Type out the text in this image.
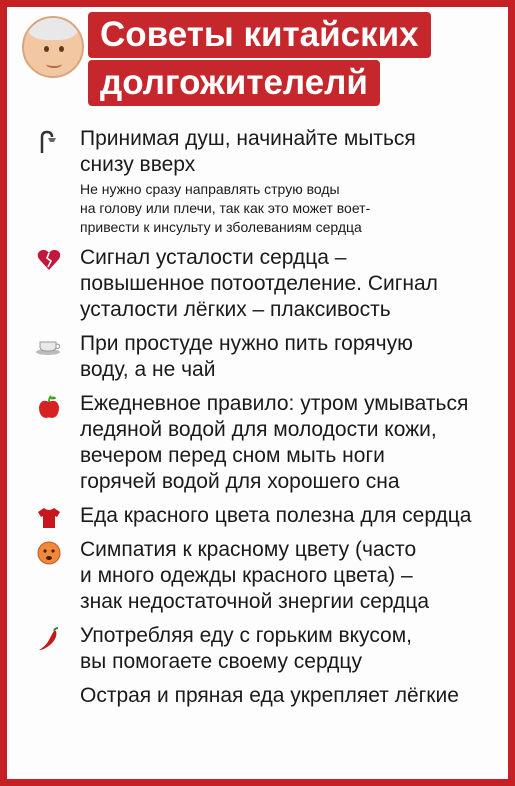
Советы китайских
долгожителелй
Принимая душ, начинайте мыться
снизу вверх
Не нужно сразу направлять струю воды
на голову или плечи, так как это может воет-
привести к инсульту и зболеваниям сердца
Сигнал усталости сердца –
повышенное потоотделение. Сигнал
усталости лёгких – плаксивость
При простуде нужно пить горячую
воду, а не чай
Ежедневное правило: утром умываться
ледяной водой для молодости кожи,
вечером перед сном мыть ноги
горячей водой для хорошего сна
Еда красного цвета полезна для сердца
Симпатия к красному цвету (часто
и много одежды красного цвета) –
знак недостаточной знергии сердца
Употребляя еду с горьким вкусом,
вы помогаете своему сердцу
Острая и пряная еда укрепляет лёгкие
